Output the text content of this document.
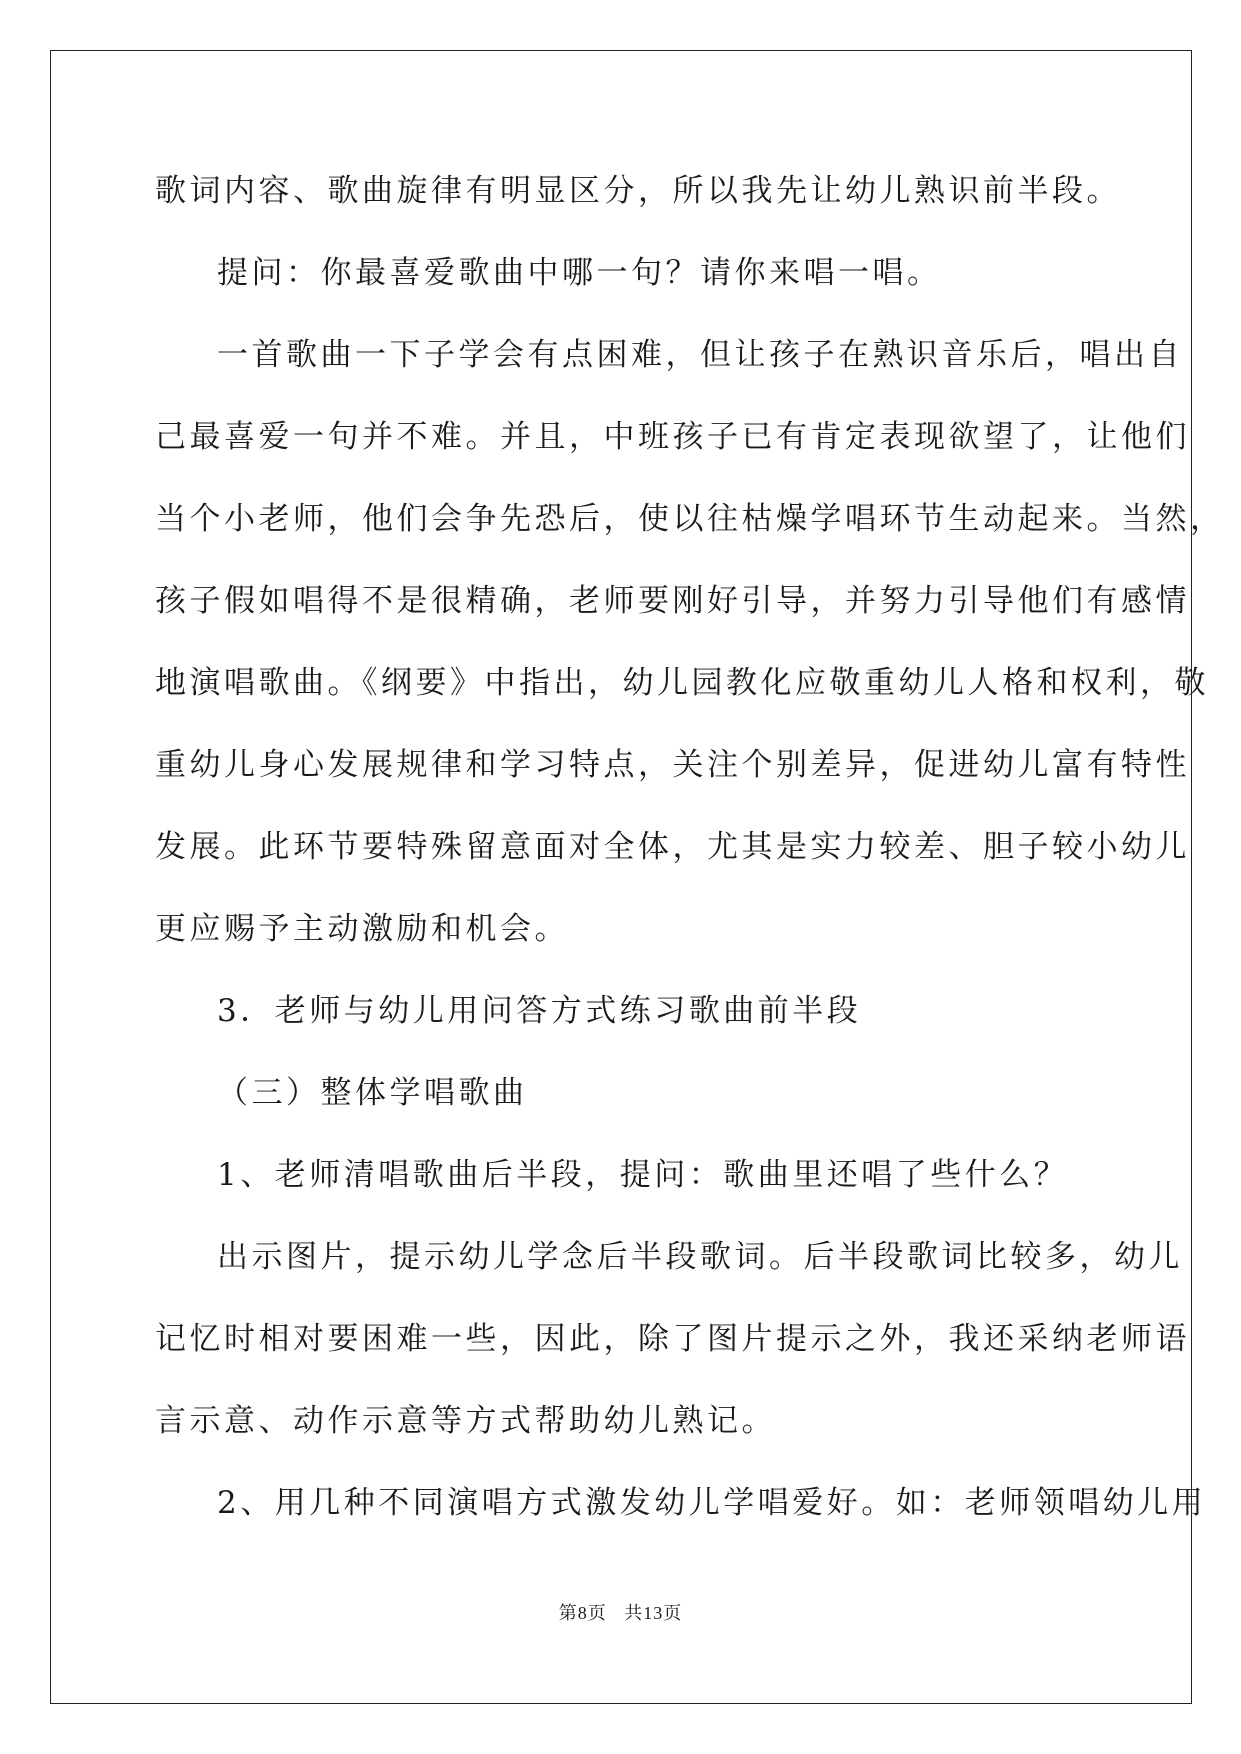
歌词内容、歌曲旋律有明显区分，所以我先让幼儿熟识前半段。
提问：你最喜爱歌曲中哪一句？请你来唱一唱。
一首歌曲一下子学会有点困难，但让孩子在熟识音乐后，唱出自
己最喜爱一句并不难。并且，中班孩子已有肯定表现欲望了，让他们
当个小老师，他们会争先恐后，使以往枯燥学唱环节生动起来。当然，
孩子假如唱得不是很精确，老师要刚好引导，并努力引导他们有感情
地演唱歌曲。《纲要》中指出，幼儿园教化应敬重幼儿人格和权利，敬
重幼儿身心发展规律和学习特点，关注个别差异，促进幼儿富有特性
发展。此环节要特殊留意面对全体，尤其是实力较差、胆子较小幼儿
更应赐予主动激励和机会。
3．老师与幼儿用问答方式练习歌曲前半段
（三）整体学唱歌曲
1、老师清唱歌曲后半段，提问：歌曲里还唱了些什么？
出示图片，提示幼儿学念后半段歌词。后半段歌词比较多，幼儿
记忆时相对要困难一些，因此，除了图片提示之外，我还采纳老师语
言示意、动作示意等方式帮助幼儿熟记。
2、用几种不同演唱方式激发幼儿学唱爱好。如：老师领唱幼儿用
第8页 共13页
